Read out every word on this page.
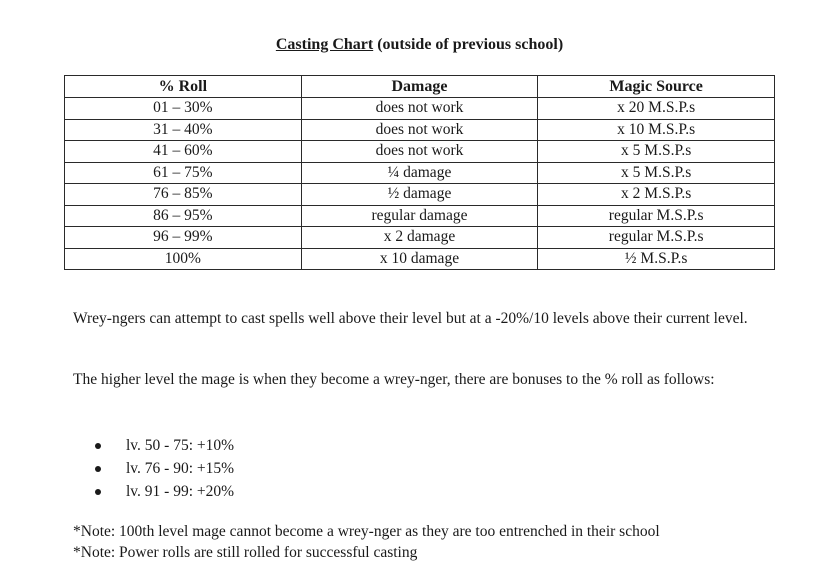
Casting Chart (outside of previous school)
% Roll	Damage	Magic Source
01 – 30%	does not work	x 20 M.S.P.s
31 – 40%	does not work	x 10 M.S.P.s
41 – 60%	does not work	x 5 M.S.P.s
61 – 75%	¼ damage	x 5 M.S.P.s
76 – 85%	½ damage	x 2 M.S.P.s
86 – 95%	regular damage	regular M.S.P.s
96 – 99%	x 2 damage	regular M.S.P.s
100%	x 10 damage	½ M.S.P.s
Wrey-ngers can attempt to cast spells well above their level but at a -20%/10 levels above their current level.
The higher level the mage is when they become a wrey-nger, there are bonuses to the % roll as follows:
lv. 50 - 75: +10%
lv. 76 - 90: +15%
lv. 91 - 99: +20%
*Note: 100th level mage cannot become a wrey-nger as they are too entrenched in their school
*Note: Power rolls are still rolled for successful casting
